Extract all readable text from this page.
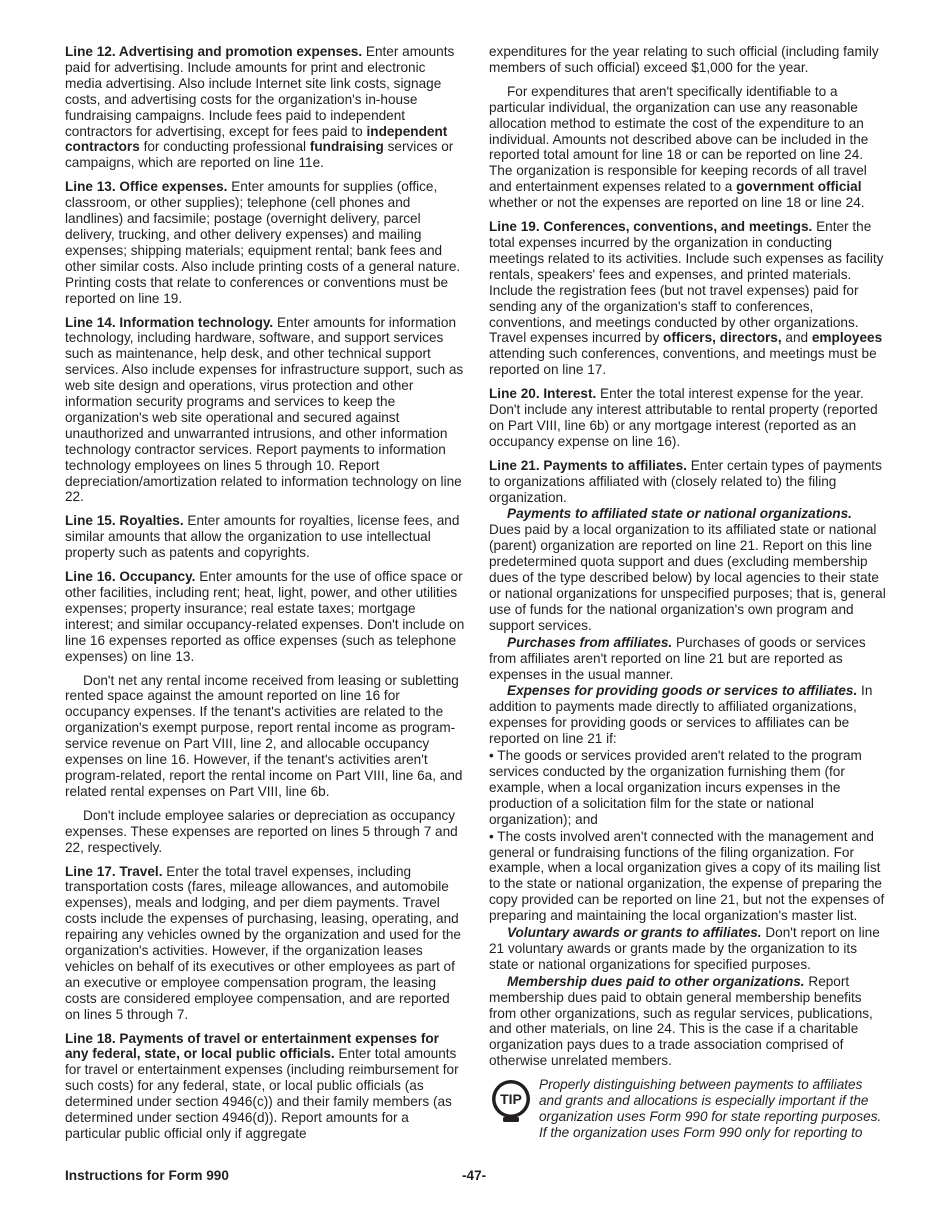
Line 12. Advertising and promotion expenses. Enter amounts paid for advertising. Include amounts for print and electronic media advertising. Also include Internet site link costs, signage costs, and advertising costs for the organization's in-house fundraising campaigns. Include fees paid to independent contractors for advertising, except for fees paid to independent contractors for conducting professional fundraising services or campaigns, which are reported on line 11e.

Line 13. Office expenses. Enter amounts for supplies (office, classroom, or other supplies); telephone (cell phones and landlines) and facsimile; postage (overnight delivery, parcel delivery, trucking, and other delivery expenses) and mailing expenses; shipping materials; equipment rental; bank fees and other similar costs. Also include printing costs of a general nature. Printing costs that relate to conferences or conventions must be reported on line 19.

Line 14. Information technology. Enter amounts for information technology, including hardware, software, and support services such as maintenance, help desk, and other technical support services. Also include expenses for infrastructure support, such as web site design and operations, virus protection and other information security programs and services to keep the organization's web site operational and secured against unauthorized and unwarranted intrusions, and other information technology contractor services. Report payments to information technology employees on lines 5 through 10. Report depreciation/amortization related to information technology on line 22.

Line 15. Royalties. Enter amounts for royalties, license fees, and similar amounts that allow the organization to use intellectual property such as patents and copyrights.

Line 16. Occupancy. Enter amounts for the use of office space or other facilities, including rent; heat, light, power, and other utilities expenses; property insurance; real estate taxes; mortgage interest; and similar occupancy-related expenses. Don't include on line 16 expenses reported as office expenses (such as telephone expenses) on line 13.

Don't net any rental income received from leasing or subletting rented space against the amount reported on line 16 for occupancy expenses. If the tenant's activities are related to the organization's exempt purpose, report rental income as program-service revenue on Part VIII, line 2, and allocable occupancy expenses on line 16. However, if the tenant's activities aren't program-related, report the rental income on Part VIII, line 6a, and related rental expenses on Part VIII, line 6b.

Don't include employee salaries or depreciation as occupancy expenses. These expenses are reported on lines 5 through 7 and 22, respectively.

Line 17. Travel. Enter the total travel expenses, including transportation costs (fares, mileage allowances, and automobile expenses), meals and lodging, and per diem payments. Travel costs include the expenses of purchasing, leasing, operating, and repairing any vehicles owned by the organization and used for the organization's activities. However, if the organization leases vehicles on behalf of its executives or other employees as part of an executive or employee compensation program, the leasing costs are considered employee compensation, and are reported on lines 5 through 7.

Line 18. Payments of travel or entertainment expenses for any federal, state, or local public officials. Enter total amounts for travel or entertainment expenses (including reimbursement for such costs) for any federal, state, or local public officials (as determined under section 4946(c)) and their family members (as determined under section 4946(d)). Report amounts for a particular public official only if aggregate

expenditures for the year relating to such official (including family members of such official) exceed $1,000 for the year.

For expenditures that aren't specifically identifiable to a particular individual, the organization can use any reasonable allocation method to estimate the cost of the expenditure to an individual. Amounts not described above can be included in the reported total amount for line 18 or can be reported on line 24. The organization is responsible for keeping records of all travel and entertainment expenses related to a government official whether or not the expenses are reported on line 18 or line 24.

Line 19. Conferences, conventions, and meetings. Enter the total expenses incurred by the organization in conducting meetings related to its activities. Include such expenses as facility rentals, speakers' fees and expenses, and printed materials. Include the registration fees (but not travel expenses) paid for sending any of the organization's staff to conferences, conventions, and meetings conducted by other organizations. Travel expenses incurred by officers, directors, and employees attending such conferences, conventions, and meetings must be reported on line 17.

Line 20. Interest. Enter the total interest expense for the year. Don't include any interest attributable to rental property (reported on Part VIII, line 6b) or any mortgage interest (reported as an occupancy expense on line 16).

Line 21. Payments to affiliates. Enter certain types of payments to organizations affiliated with (closely related to) the filing organization.

Payments to affiliated state or national organizations. Dues paid by a local organization to its affiliated state or national (parent) organization are reported on line 21. Report on this line predetermined quota support and dues (excluding membership dues of the type described below) by local agencies to their state or national organizations for unspecified purposes; that is, general use of funds for the national organization's own program and support services.

Purchases from affiliates. Purchases of goods or services from affiliates aren't reported on line 21 but are reported as expenses in the usual manner.

Expenses for providing goods or services to affiliates. In addition to payments made directly to affiliated organizations, expenses for providing goods or services to affiliates can be reported on line 21 if:

• The goods or services provided aren't related to the program services conducted by the organization furnishing them (for example, when a local organization incurs expenses in the production of a solicitation film for the state or national organization); and

• The costs involved aren't connected with the management and general or fundraising functions of the filing organization. For example, when a local organization gives a copy of its mailing list to the state or national organization, the expense of preparing the copy provided can be reported on line 21, but not the expenses of preparing and maintaining the local organization's master list.

Voluntary awards or grants to affiliates. Don't report on line 21 voluntary awards or grants made by the organization to its state or national organizations for specified purposes.

Membership dues paid to other organizations. Report membership dues paid to obtain general membership benefits from other organizations, such as regular services, publications, and other materials, on line 24. This is the case if a charitable organization pays dues to a trade association comprised of otherwise unrelated members.

TIP
Properly distinguishing between payments to affiliates and grants and allocations is especially important if the organization uses Form 990 for state reporting purposes. If the organization uses Form 990 only for reporting to
Instructions for Form 990	-47-
